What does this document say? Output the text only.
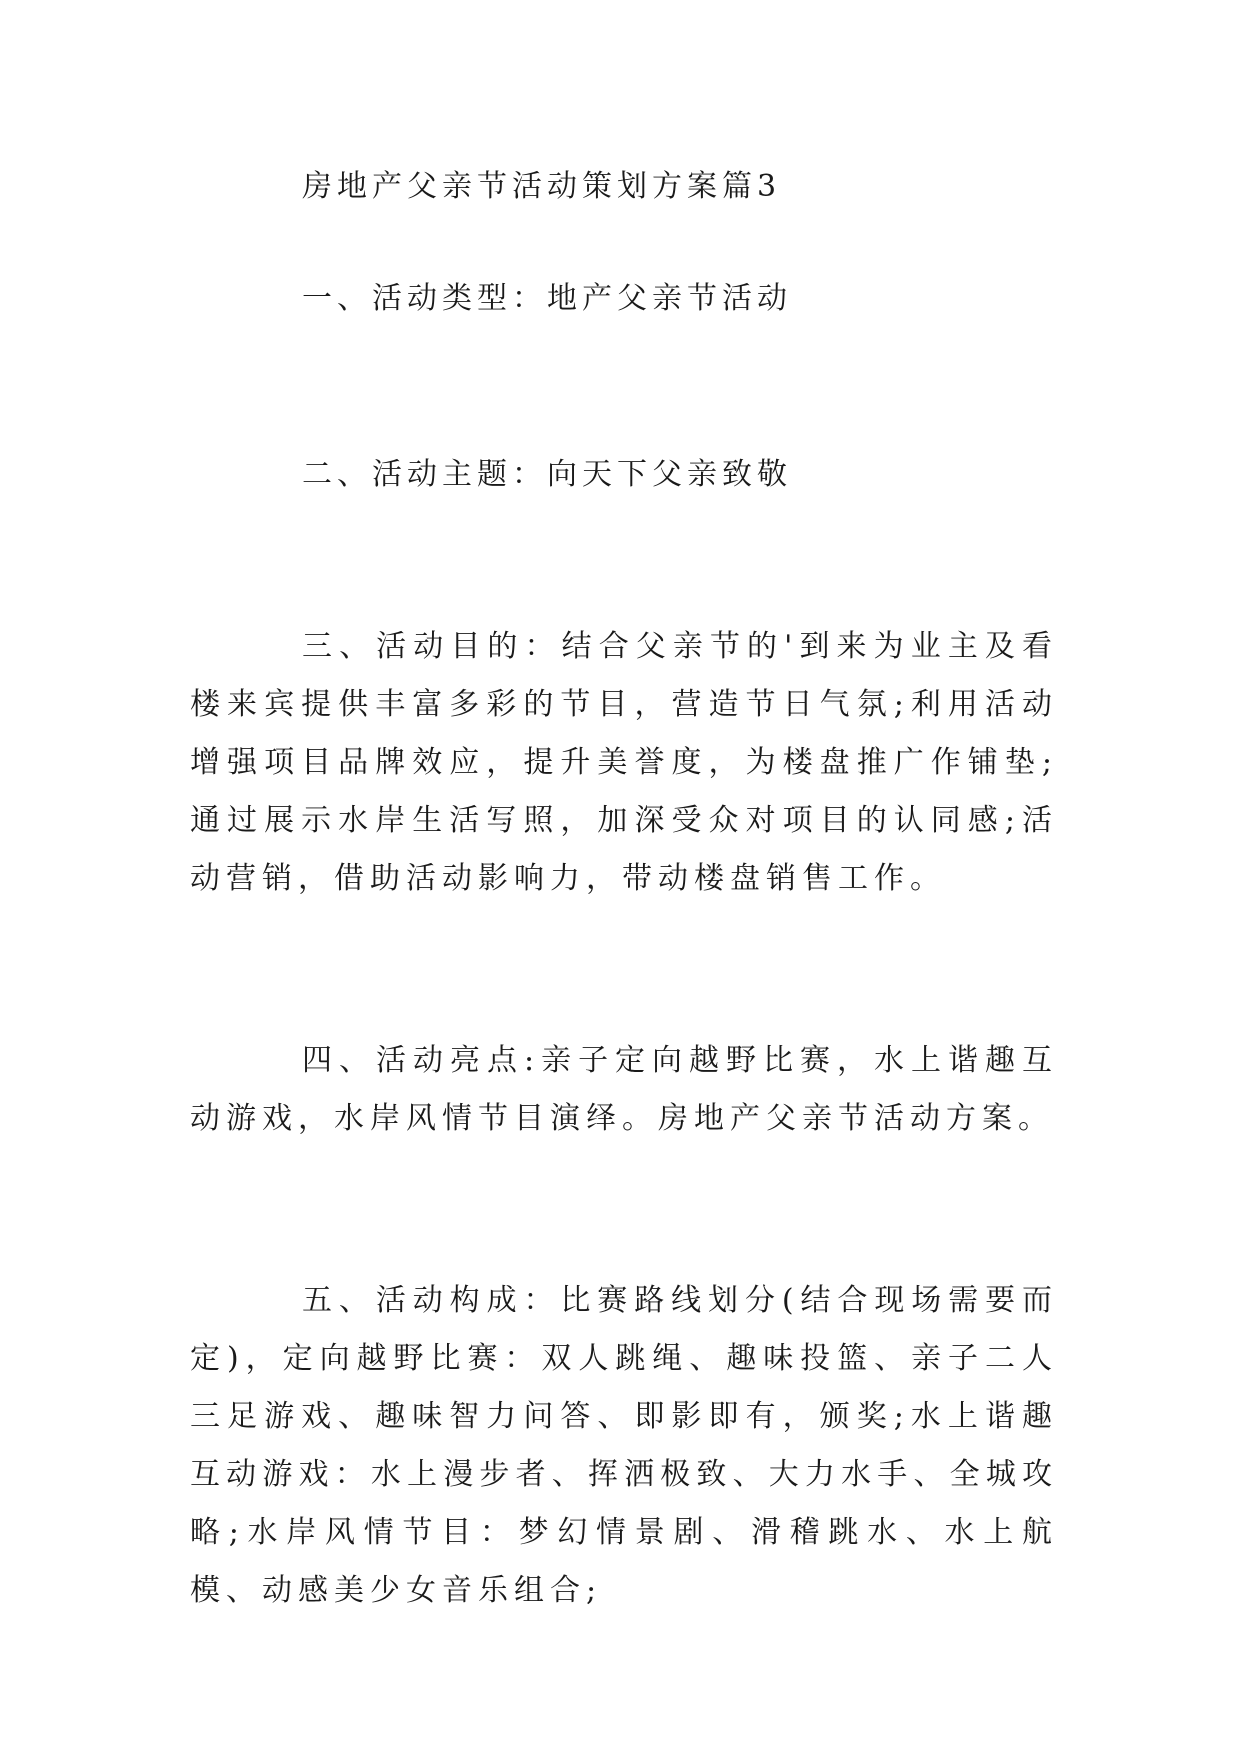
房地产父亲节活动策划方案篇3

一、活动类型：地产父亲节活动

二、活动主题：向天下父亲致敬

三、活动目的：结合父亲节的'到来为业主及看楼来宾提供丰富多彩的节目，营造节日气氛;利用活动增强项目品牌效应，提升美誉度，为楼盘推广作铺垫;通过展示水岸生活写照，加深受众对项目的认同感;活动营销，借助活动影响力，带动楼盘销售工作。

四、活动亮点:亲子定向越野比赛，水上谐趣互动游戏，水岸风情节目演绎。房地产父亲节活动方案。

五、活动构成：比赛路线划分(结合现场需要而定)，定向越野比赛：双人跳绳、趣味投篮、亲子二人三足游戏、趣味智力问答、即影即有，颁奖;水上谐趣互动游戏：水上漫步者、挥洒极致、大力水手、全城攻略;水岸风情节目：梦幻情景剧、滑稽跳水、水上航模、动感美少女音乐组合;
